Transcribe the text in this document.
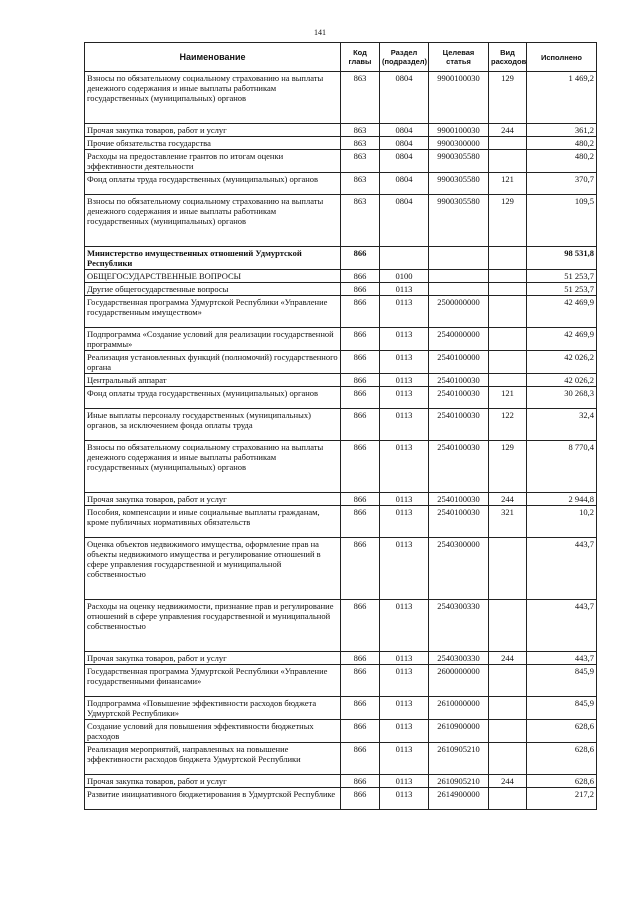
141
Наименование	Код главы	Раздел (подраздел)	Целевая статья	Вид расходов	Исполнено
Взносы по обязательному социальному страхованию на выплаты денежного содержания и иные выплаты работникам государственных (муниципальных) органов	863	0804	9900100030	129	1 469,2
Прочая закупка товаров, работ и услуг	863	0804	9900100030	244	361,2
Прочие обязательства государства	863	0804	9900300000		480,2
Расходы на предоставление грантов по итогам оценки эффективности деятельности	863	0804	9900305580		480,2
Фонд оплаты труда государственных (муниципальных) органов	863	0804	9900305580	121	370,7
Взносы по обязательному социальному страхованию на выплаты денежного содержания и иные выплаты работникам государственных (муниципальных) органов	863	0804	9900305580	129	109,5
Министерство имущественных отношений Удмуртской Республики	866				98 531,8
ОБЩЕГОСУДАРСТВЕННЫЕ ВОПРОСЫ	866	0100			51 253,7
Другие общегосударственные вопросы	866	0113			51 253,7
Государственная программа Удмуртской Республики «Управление государственным имуществом»	866	0113	2500000000		42 469,9
Подпрограмма «Создание условий для реализации государственной программы»	866	0113	2540000000		42 469,9
Реализация установленных функций (полномочий) государственного органа	866	0113	2540100000		42 026,2
Центральный аппарат	866	0113	2540100030		42 026,2
Фонд оплаты труда государственных (муниципальных) органов	866	0113	2540100030	121	30 268,3
Иные выплаты персоналу государственных (муниципальных) органов, за исключением фонда оплаты труда	866	0113	2540100030	122	32,4
Взносы по обязательному социальному страхованию на выплаты денежного содержания и иные выплаты работникам государственных (муниципальных) органов	866	0113	2540100030	129	8 770,4
Прочая закупка товаров, работ и услуг	866	0113	2540100030	244	2 944,8
Пособия, компенсации и иные социальные выплаты гражданам, кроме публичных нормативных обязательств	866	0113	2540100030	321	10,2
Оценка объектов недвижимого имущества, оформление прав на объекты недвижимого имущества и регулирование отношений в сфере управления государственной и муниципальной собственностью	866	0113	2540300000		443,7
Расходы на оценку недвижимости, признание прав и регулирование отношений в сфере управления государственной и муниципальной собственностью	866	0113	2540300330		443,7
Прочая закупка товаров, работ и услуг	866	0113	2540300330	244	443,7
Государственная программа Удмуртской Республики «Управление государственными финансами»	866	0113	2600000000		845,9
Подпрограмма «Повышение эффективности расходов бюджета Удмуртской Республики»	866	0113	2610000000		845,9
Создание условий для повышения эффективности бюджетных расходов	866	0113	2610900000		628,6
Реализация мероприятий, направленных на повышение эффективности расходов бюджета Удмуртской Республики	866	0113	2610905210		628,6
Прочая закупка товаров, работ и услуг	866	0113	2610905210	244	628,6
Развитие инициативного бюджетирования в Удмуртской Республике	866	0113	2614900000		217,2
